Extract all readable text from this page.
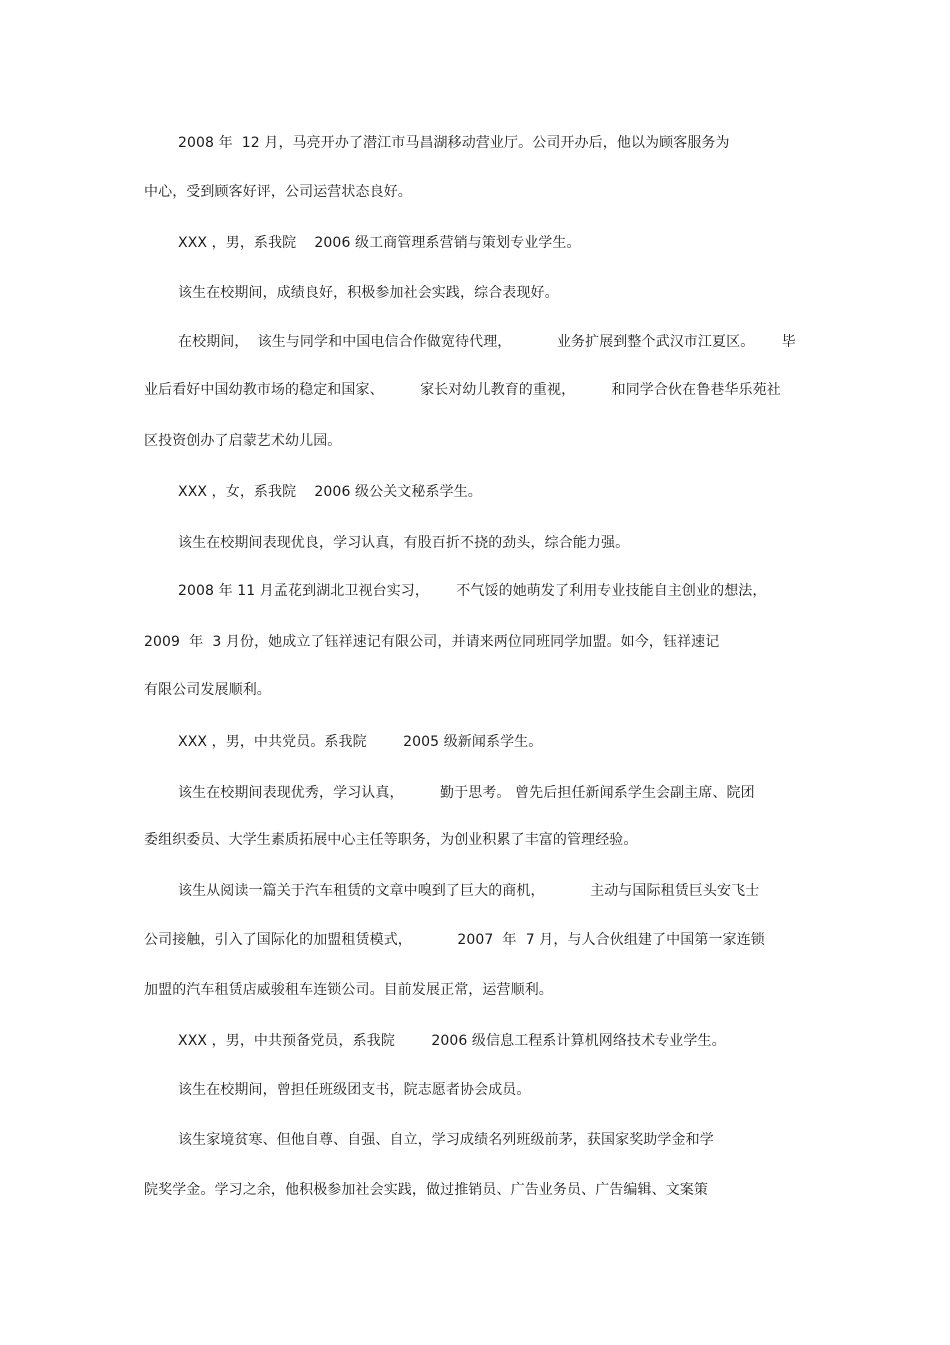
2008 年  12 月，马亮开办了潜江市马昌湖移动营业厅。公司开办后，他以为顾客服务为
中心，受到顾客好评，公司运营状态良好。
XXX ，男，系我院    2006 级工商管理系营销与策划专业学生。
该生在校期间，成绩良好，积极参加社会实践，综合表现好。
在校期间，  该生与同学和中国电信合作做宽待代理，          业务扩展到整个武汉市江夏区。      毕
业后看好中国幼教市场的稳定和国家、        家长对幼儿教育的重视，        和同学合伙在鲁巷华乐苑社
区投资创办了启蒙艺术幼儿园。
XXX ，女，系我院    2006 级公关文秘系学生。
该生在校期间表现优良，学习认真，有股百折不挠的劲头，综合能力强。
2008 年 11 月孟花到湖北卫视台实习，      不气馁的她萌发了利用专业技能自主创业的想法，
2009  年  3 月份，她成立了钰祥速记有限公司，并请来两位同班同学加盟。如今，钰祥速记
有限公司发展顺利。
XXX ，男，中共党员。系我院        2005 级新闻系学生。
该生在校期间表现优秀，学习认真，        勤于思考。 曾先后担任新闻系学生会副主席、院团
委组织委员、大学生素质拓展中心主任等职务，为创业积累了丰富的管理经验。
该生从阅读一篇关于汽车租赁的文章中嗅到了巨大的商机，          主动与国际租赁巨头安飞士
公司接触，引入了国际化的加盟租赁模式，          2007  年  7 月，与人合伙组建了中国第一家连锁
加盟的汽车租赁店威骏租车连锁公司。目前发展正常，运营顺利。
XXX ，男，中共预备党员，系我院        2006 级信息工程系计算机网络技术专业学生。
该生在校期间，曾担任班级团支书，院志愿者协会成员。
该生家境贫寒、但他自尊、自强、自立，学习成绩名列班级前茅，获国家奖助学金和学
院奖学金。学习之余，他积极参加社会实践，做过推销员、广告业务员、广告编辑、文案策
